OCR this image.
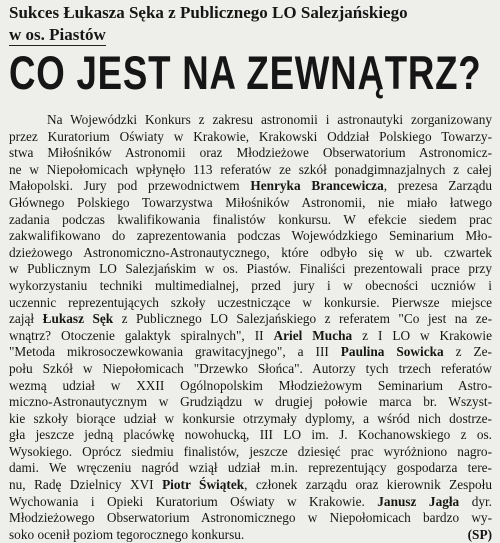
Sukces Łukasza Sęka z Publicznego LO Salezjańskiego
w os. Piastów
CO JEST NA ZEWNĄTRZ?
Na Wojewódzki Konkurs z zakresu astronomii i astronautyki zorganizowany
przez Kuratorium Oświaty w Krakowie, Krakowski Oddział Polskiego Towarzy-
stwa Miłośników Astronomii oraz Młodzieżowe Obserwatorium Astronomicz-
ne w Niepołomicach wpłynęło 113 referatów ze szkół ponadgimnazjalnych z całej
Małopolski. Jury pod przewodnictwem Henryka Brancewicza, prezesa Zarządu
Głównego Polskiego Towarzystwa Miłośników Astronomii, nie miało łatwego
zadania podczas kwalifikowania finalistów konkursu. W efekcie siedem prac
zakwalifikowano do zaprezentowania podczas Wojewódzkiego Seminarium Mło-
dzieżowego Astronomiczno-Astronautycznego, które odbyło się w ub. czwartek
w Publicznym LO Salezjańskim w os. Piastów. Finaliści prezentowali prace przy
wykorzystaniu techniki multimedialnej, przed jury i w obecności uczniów i
uczennic reprezentujących szkoły uczestniczące w konkursie. Pierwsze miejsce
zajął Łukasz Sęk z Publicznego LO Salezjańskiego z referatem "Co jest na ze-
wnątrz? Otoczenie galaktyk spiralnych", II Ariel Mucha z I LO w Krakowie
"Metoda mikrosoczewkowania grawitacyjnego", a III Paulina Sowicka z Ze-
połu Szkół w Niepołomicach "Drzewko Słońca". Autorzy tych trzech referatów
wezmą udział w XXII Ogólnopolskim Młodzieżowym Seminarium Astro-
miczno-Astronautycznym w Grudziądzu w drugiej połowie marca br. Wszyst-
kie szkoły biorące udział w konkursie otrzymały dyplomy, a wśród nich dostrze-
gła jeszcze jedną placówkę nowohucką, III LO im. J. Kochanowskiego z os.
Wysokiego. Oprócz siedmiu finalistów, jeszcze dziesięć prac wyróżniono nagro-
dami. We wręczeniu nagród wziął udział m.in. reprezentujący gospodarza tere-
nu, Radę Dzielnicy XVI Piotr Świątek, członek zarządu oraz kierownik Zespołu
Wychowania i Opieki Kuratorium Oświaty w Krakowie. Janusz Jagła dyr.
Młodzieżowego Obserwatorium Astronomicznego w Niepołomicach bardzo wy-
soko ocenił poziom tegorocznego konkursu.	(SP)
